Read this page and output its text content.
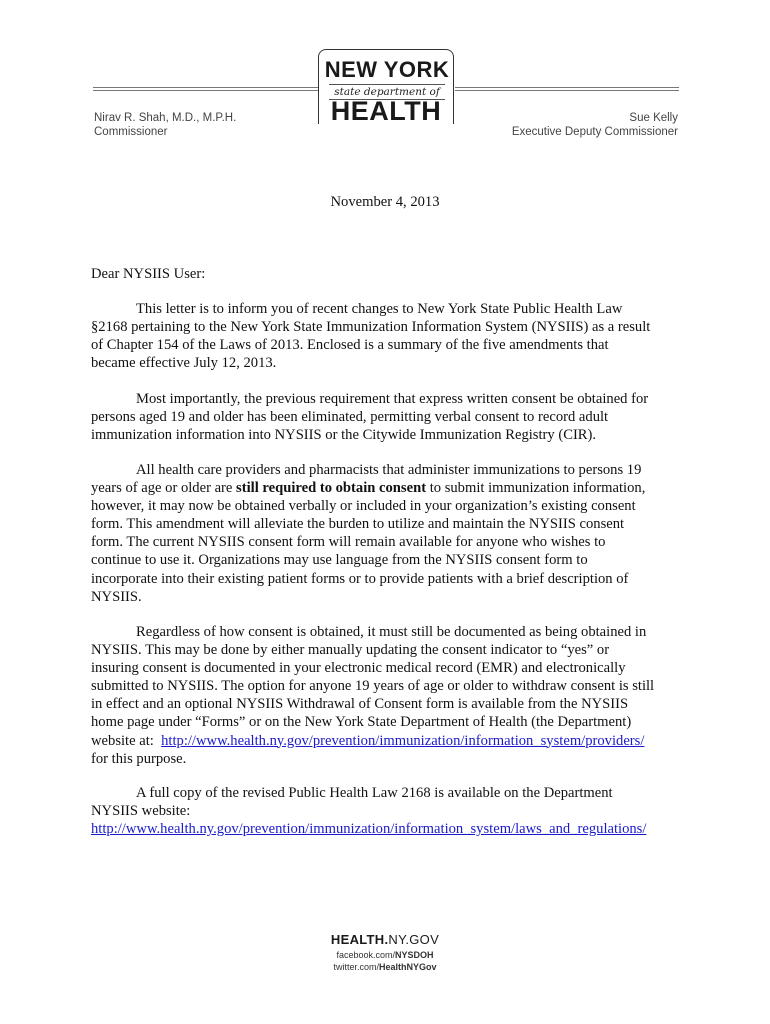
NEW YORK
state department of
HEALTH
Nirav R. Shah, M.D., M.P.H.
Commissioner
Sue Kelly
Executive Deputy Commissioner
November 4, 2013
Dear NYSIIS User:

This letter is to inform you of recent changes to New York State Public Health Law
§2168 pertaining to the New York State Immunization Information System (NYSIIS) as a result
of Chapter 154 of the Laws of 2013. Enclosed is a summary of the five amendments that
became effective July 12, 2013.

Most importantly, the previous requirement that express written consent be obtained for
persons aged 19 and older has been eliminated, permitting verbal consent to record adult
immunization information into NYSIIS or the Citywide Immunization Registry (CIR).

All health care providers and pharmacists that administer immunizations to persons 19
years of age or older are still required to obtain consent to submit immunization information,
however, it may now be obtained verbally or included in your organization’s existing consent
form. This amendment will alleviate the burden to utilize and maintain the NYSIIS consent
form. The current NYSIIS consent form will remain available for anyone who wishes to
continue to use it. Organizations may use language from the NYSIIS consent form to
incorporate into their existing patient forms or to provide patients with a brief description of
NYSIIS.

Regardless of how consent is obtained, it must still be documented as being obtained in
NYSIIS. This may be done by either manually updating the consent indicator to “yes” or
insuring consent is documented in your electronic medical record (EMR) and electronically
submitted to NYSIIS. The option for anyone 19 years of age or older to withdraw consent is still
in effect and an optional NYSIIS Withdrawal of Consent form is available from the NYSIIS
home page under “Forms” or on the New York State Department of Health (the Department)
website at:  http://www.health.ny.gov/prevention/immunization/information_system/providers/
for this purpose.

A full copy of the revised Public Health Law 2168 is available on the Department
NYSIIS website:
http://www.health.ny.gov/prevention/immunization/information_system/laws_and_regulations/

HEALTH.NY.GOV
facebook.com/NYSDOH
twitter.com/HealthNYGov
